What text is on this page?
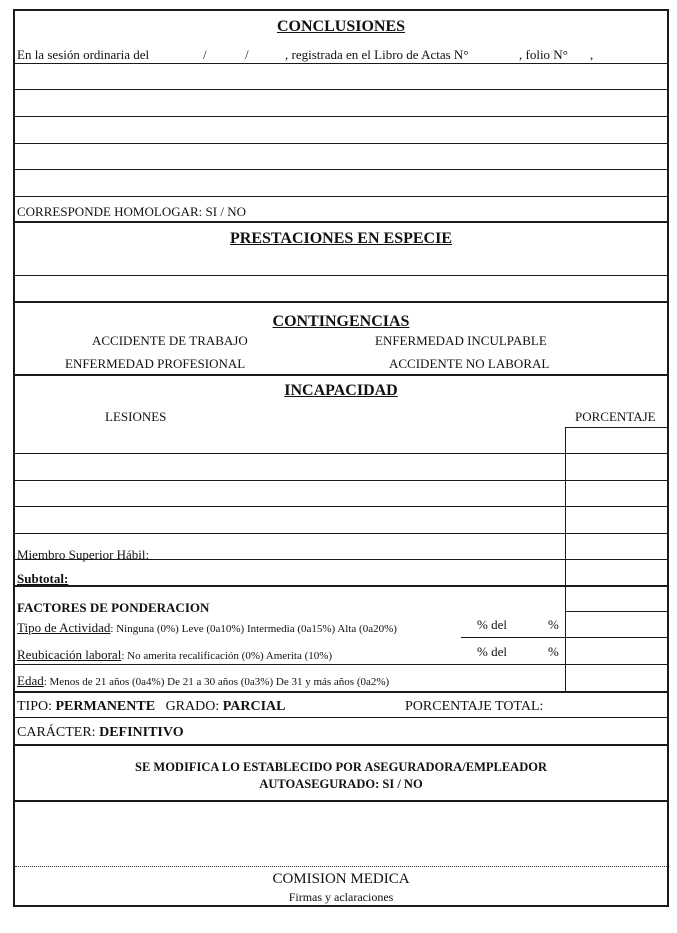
CONCLUSIONES
En la sesión ordinaria del	/	/	, registrada en el Libro de Actas N°	, folio N° ,
CORRESPONDE HOMOLOGAR: SI / NO
PRESTACIONES EN ESPECIE
CONTINGENCIAS
ACCIDENTE DE TRABAJO	ENFERMEDAD INCULPABLE
ENFERMEDAD PROFESIONAL	ACCIDENTE NO LABORAL
INCAPACIDAD
LESIONES	PORCENTAJE
Miembro Superior Hábil:
Subtotal:
FACTORES DE PONDERACION
Tipo de Actividad: Ninguna (0%) Leve (0a10%) Intermedia (0a15%) Alta (0a20%)	% del	%
Reubicación laboral: No amerita recalificación (0%) Amerita (10%)	% del	%
Edad: Menos de 21 años (0a4%) De 21 a 30 años (0a3%) De 31 y más años (0a2%)
TIPO: PERMANENTE GRADO: PARCIAL	PORCENTAJE TOTAL:
CARÁCTER: DEFINITIVO
SE MODIFICA LO ESTABLECIDO POR ASEGURADORA/EMPLEADOR
AUTOASEGURADO: SI / NO
COMISION MEDICA
Firmas y aclaraciones
